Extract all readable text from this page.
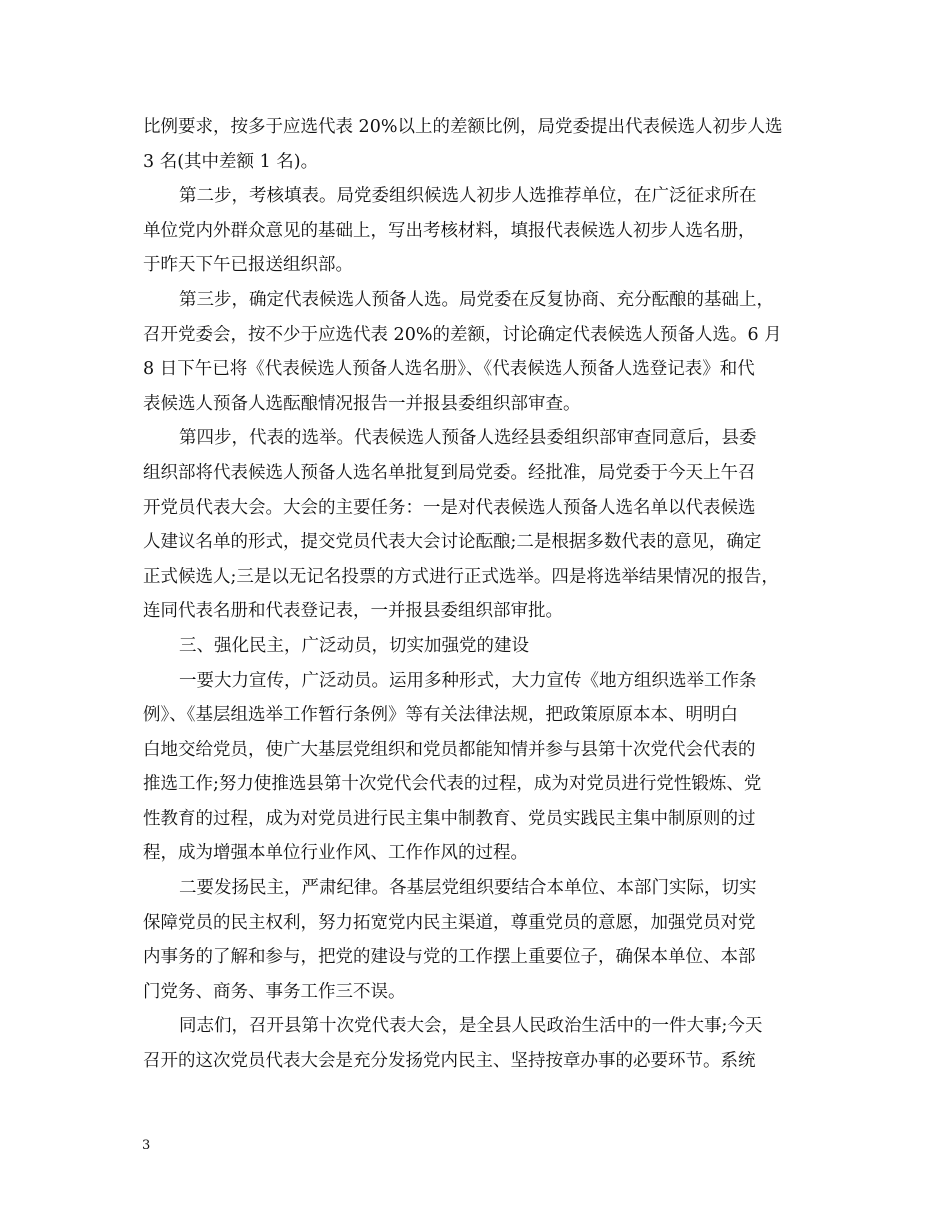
比例要求，按多于应选代表 20%以上的差额比例，局党委提出代表候选人初步人选
3 名(其中差额 1 名)。
第二步，考核填表。局党委组织候选人初步人选推荐单位，在广泛征求所在
单位党内外群众意见的基础上，写出考核材料，填报代表候选人初步人选名册，
于昨天下午已报送组织部。
第三步，确定代表候选人预备人选。局党委在反复协商、充分酝酿的基础上，
召开党委会，按不少于应选代表 20%的差额，讨论确定代表候选人预备人选。6 月
8 日下午已将《代表候选人预备人选名册》、《代表候选人预备人选登记表》和代
表候选人预备人选酝酿情况报告一并报县委组织部审查。
第四步，代表的选举。代表候选人预备人选经县委组织部审查同意后，县委
组织部将代表候选人预备人选名单批复到局党委。经批准，局党委于今天上午召
开党员代表大会。大会的主要任务：一是对代表候选人预备人选名单以代表候选
人建议名单的形式，提交党员代表大会讨论酝酿;二是根据多数代表的意见，确定
正式候选人;三是以无记名投票的方式进行正式选举。四是将选举结果情况的报告，
连同代表名册和代表登记表，一并报县委组织部审批。
三、强化民主，广泛动员，切实加强党的建设
一要大力宣传，广泛动员。运用多种形式，大力宣传《地方组织选举工作条
例》、《基层组选举工作暂行条例》等有关法律法规，把政策原原本本、明明白
白地交给党员，使广大基层党组织和党员都能知情并参与县第十次党代会代表的
推选工作;努力使推选县第十次党代会代表的过程，成为对党员进行党性锻炼、党
性教育的过程，成为对党员进行民主集中制教育、党员实践民主集中制原则的过
程，成为增强本单位行业作风、工作作风的过程。
二要发扬民主，严肃纪律。各基层党组织要结合本单位、本部门实际，切实
保障党员的民主权利，努力拓宽党内民主渠道，尊重党员的意愿，加强党员对党
内事务的了解和参与，把党的建设与党的工作摆上重要位子，确保本单位、本部
门党务、商务、事务工作三不误。
同志们，召开县第十次党代表大会，是全县人民政治生活中的一件大事;今天
召开的这次党员代表大会是充分发扬党内民主、坚持按章办事的必要环节。系统
3
